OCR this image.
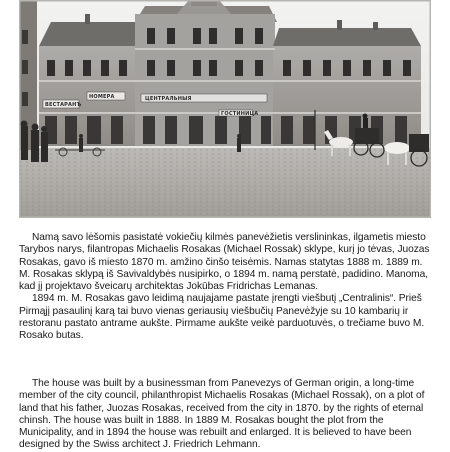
ВЕСТАРАНЪ
НОМЕРА	ЦЕНТРАЛЬНЫЯ
ГОСТИНИЦА

Namą savo lėšomis pasistatė vokiečių kilmės panevėžietis verslininkas, ilgametis miesto Tarybos narys, filantropas Michaelis Rosakas (Michael Rossak) sklype, kurį jo tėvas, Juozas Rosakas, gavo iš miesto 1870 m. amžino činšo teisėmis. Namas statytas 1888 m. 1889 m. M. Rosakas sklypą iš Savivaldybės nusipirko, o 1894 m. namą perstatė, padidino. Manoma, kad jį projektavo šveicarų architektas Jokūbas Fridrichas Lemanas.

1894 m. M. Rosakas gavo leidimą naujajame pastate įrengti viešbutį „Centralinis“. Prieš Pirmąjį pasaulinį karą tai buvo vienas geriausių viešbučių Panevėžyje su 10 kambarių ir restoranu pastato antrame aukšte. Pirmame aukšte veikė parduotuvės, o trečiame buvo M. Rosako butas.

The house was built by a businessman from Panevezys of German origin, a long-time member of the city council, philanthropist Michaelis Rosakas (Michael Rossak), on a plot of land that his father, Juozas Rosakas, received from the city in 1870. by the rights of eternal chinsh. The house was built in 1888. In 1889 M. Rosakas bought the plot from the Municipality, and in 1894 the house was rebuilt and enlarged. It is believed to have been designed by the Swiss architect J. Friedrich Lehmann.
